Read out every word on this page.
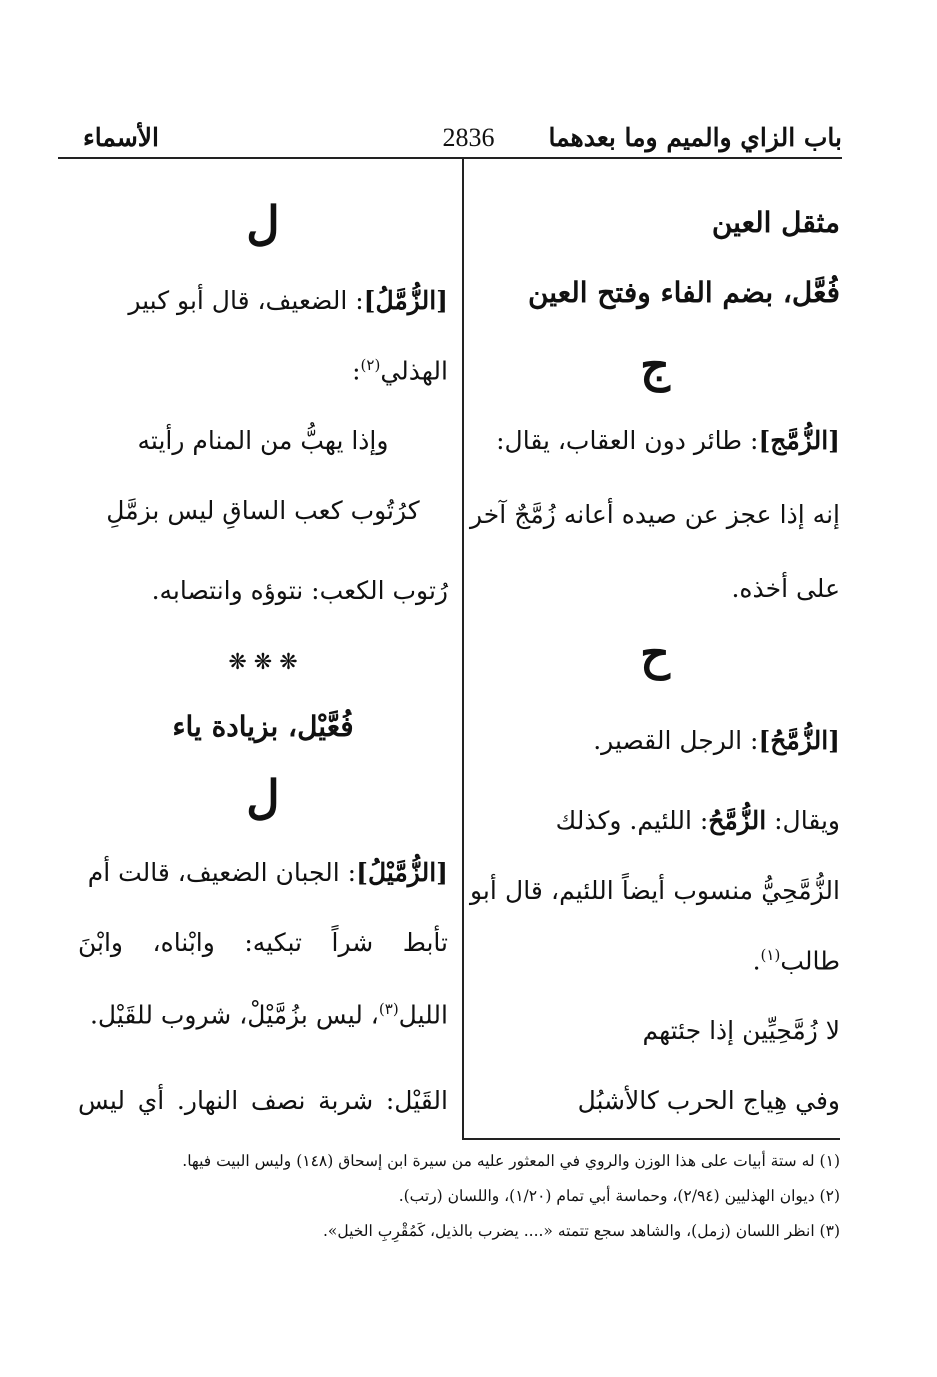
2836	باب الزاي والميم وما بعدهما
الأسماء
مثقل العين
فُعَّل، بضم الفاء وفتح العين
ج
[الزُّمَّج]: طائر دون العقاب، يقال:
إنه إذا عجز عن صيده أعانه زُمَّجٌ آخر
على أخذه.
ح
[الزُّمَّحُ]: الرجل القصير.
ويقال: الزُّمَّحُ: اللئيم. وكذلك
الزُّمَّحِيُّ منسوب أيضاً اللئيم، قال أبو
طالب$^{(١)}$.
لا زُمَّحِيِّين إذا جئتهم
وفي هِياج الحرب كالأشبُل
ل
[الزُّمَّلُ]: الضعيف، قال أبو كبير
الهذلي$^{(٢)}$:
وإذا يهبُّ من المنام رأيته
كرُتُوب كعب الساقِ ليس بزمَّلِ
رُتوب الكعب: نتوؤه وانتصابه.
❋ ❋ ❋
فُعَّيْل، بزيادة ياء
ل
[الزُّمَّيْلُ]: الجبان الضعيف، قالت أم
تأبط شراً تبكيه: وابْناه، وابْنَ
الليل$^{(٣)}$، ليس بزُمَّيْلْ، شروب للقَيْل.
القَيْل: شربة نصف النهار. أي ليس
(١) له ستة أبيات على هذا الوزن والروي في المعثور عليه من سيرة ابن إسحاق (١٤٨) وليس البيت فيها.
(٢) ديوان الهذليين (٢/٩٤)، وحماسة أبي تمام (١/٢٠)، واللسان (رتب).
(٣) انظر اللسان (زمل)، والشاهد سجع تتمته «.... يضرب بالذيل، كَمُقْرِبِ الخيل».
